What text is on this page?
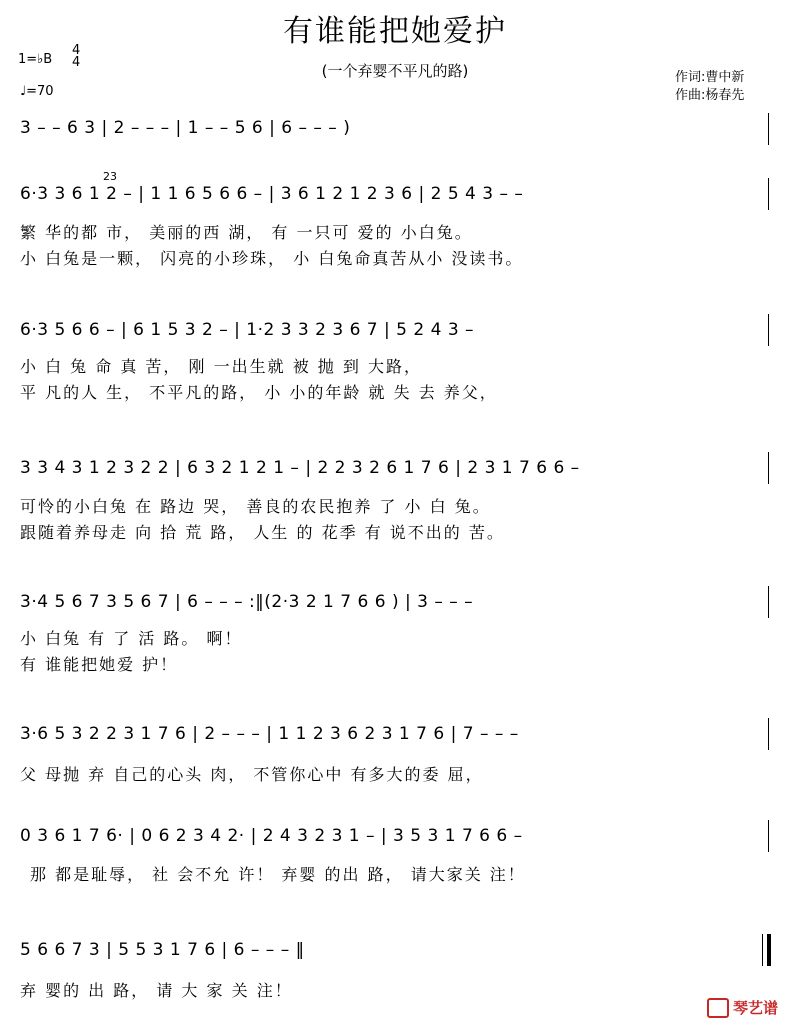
有谁能把她爱护
(一个弃婴不平凡的路)
1=♭B
4
4
♩=70
作词:曹中新
作曲:杨春先
3 – – 6 3 | 2 – – – | 1 – – 5 6 | 6 – – – )
23
6·3 3 6 1 2 – | 1 1 6 5 6 6 – | 3 6 1 2 1 2 3 6 | 2 5 4 3 – –
繁 华的都 市， 美丽的西 湖， 有 一只可 爱的 小白兔。
小 白兔是一颗， 闪亮的小珍珠， 小 白兔命真苦从小 没读书。
6·3 5 6 6 – | 6 1 5 3 2 – | 1·2 3 3 2 3 6 7 | 5 2 4 3 –
小 白 兔 命 真 苦， 刚 一出生就 被 抛 到 大路，
平 凡的人 生， 不平凡的路， 小 小的年龄 就 失 去 养父，
3 3 4 3 1 2 3 2 2 | 6 3 2 1 2 1 – | 2 2 3 2 6 1 7 6 | 2 3 1 7 6 6 –
可怜的小白兔 在 路边 哭， 善良的农民抱养 了 小 白 兔。
跟随着养母走 向 拾 荒 路， 人生 的 花季 有 说不出的 苦。
3·4 5 6 7 3 5 6 7 | 6 – – – :‖(2·3 2 1 7 6 6 ) | 3 – – –
小 白兔 有 了 活 路。 啊！
有 谁能把她爱 护！
3·6 5 3 2 2 3 1 7 6 | 2 – – – | 1 1 2 3 6 2 3 1 7 6 | 7 – – –
父 母抛 弃 自己的心头 肉， 不管你心中 有多大的委 屈，
0 3 6 1 7 6· | 0 6 2 3 4 2· | 2 4 3 2 3 1 – | 3 5 3 1 7 6 6 –
那 都是耻辱， 社 会不允 许！ 弃婴 的出 路， 请大家关 注！
5 6 6 7 3 | 5 5 3 1 7 6 | 6 – – – ‖
弃 婴的 出 路， 请 大 家 关 注！
琴艺谱
